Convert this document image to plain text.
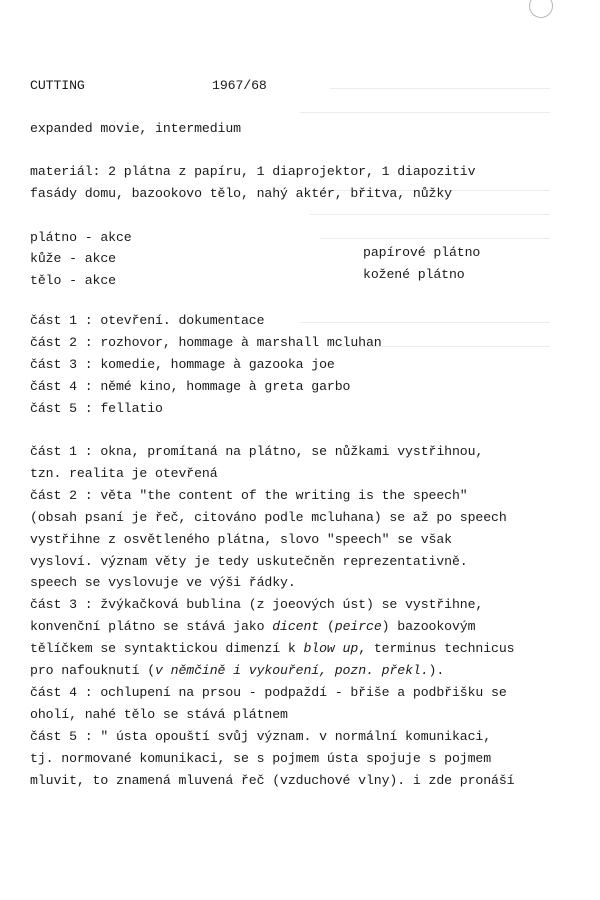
CUTTING	1967/68
expanded movie, intermedium
materiál: 2 plátna z papíru, 1 diaprojektor, 1 diapozitiv
fasády domu, bazookovo tělo, nahý aktér, břitva, nůžky
plátno - akce
kůže - akce
tělo - akce
papírové plátno
kožené plátno
část 1 : otevření. dokumentace
část 2 : rozhovor, hommage à marshall mcluhan
část 3 : komedie, hommage à gazooka joe
část 4 : němé kino, hommage à greta garbo
část 5 : fellatio
část 1 : okna, promítaná na plátno, se nůžkami vystřihnou,
tzn. realita je otevřená
část 2 : věta "the content of the writing is the speech"
(obsah psaní je řeč, citováno podle mcluhana) se až po speech
vystřihne z osvětleného plátna, slovo "speech" se však
vysloví. význam věty je tedy uskutečněn reprezentativně.
speech se vyslovuje ve výši řádky.
část 3 : žvýkačková bublina (z joeových úst) se vystřihne,
konvenční plátno se stává jako dicent (peirce) bazookovým
tělíčkem se syntaktickou dimenzí k blow up, terminus technicus
pro nafouknutí (v němčině i vykouření, pozn. překl.).
část 4 : ochlupení na prsou - podpaždí - břiše a podbřišku se
oholí, nahé tělo se stává plátnem
část 5 : " ústa opouští svůj význam. v normální komunikaci,
tj. normované komunikaci, se s pojmem ústa spojuje s pojmem
mluvit, to znamená mluvená řeč (vzduchové vlny). i zde pronáší
